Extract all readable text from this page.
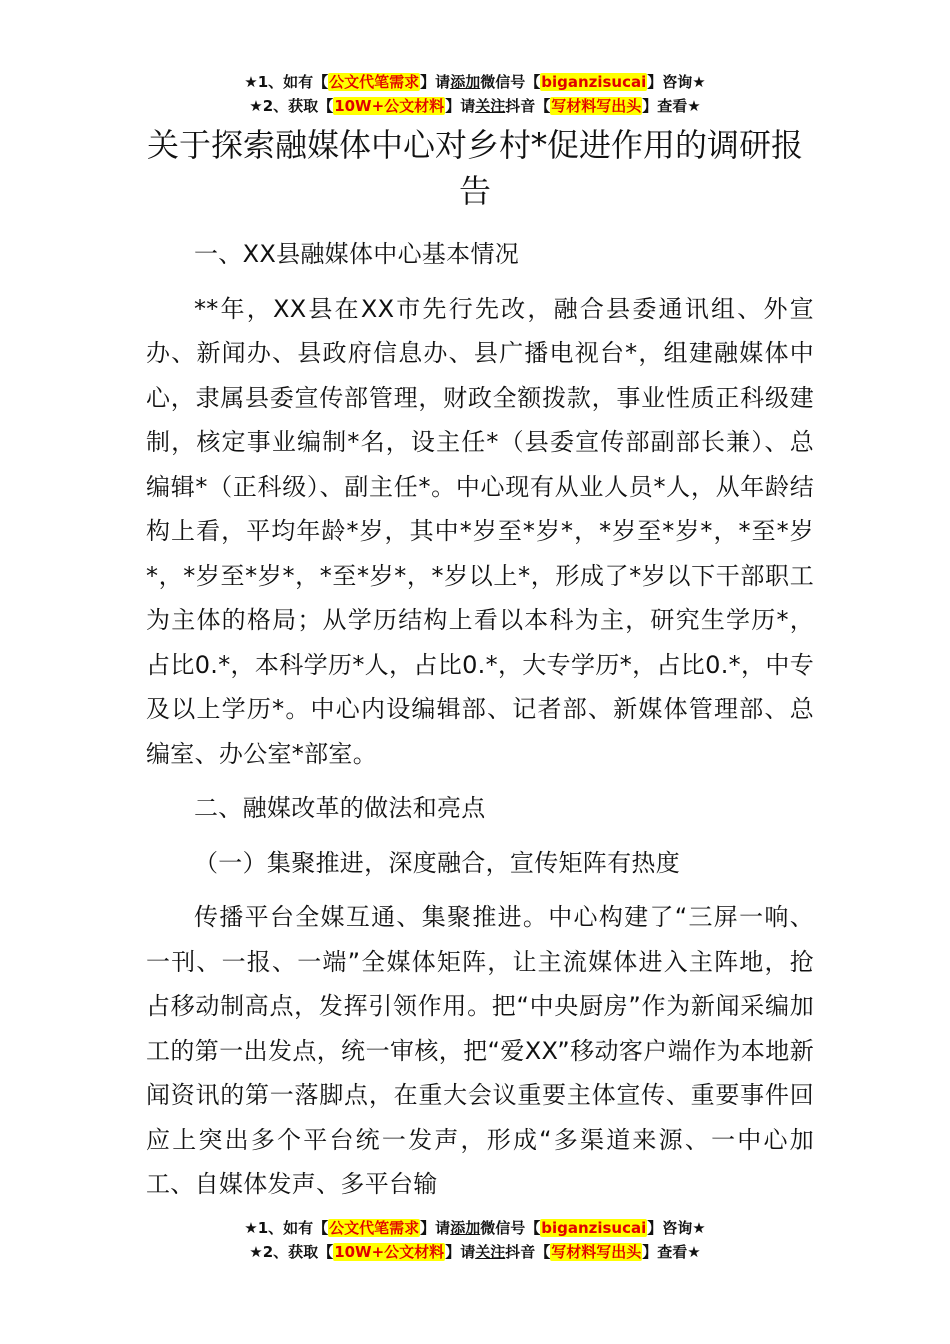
★1、如有【公文代笔需求】请添加微信号【biganzisucai】咨询★
★2、获取【10W+公文材料】请关注抖音【写材料写出头】查看★
关于探索融媒体中心对乡村*促进作用的调研报告

一、XX县融媒体中心基本情况

**年，XX县在XX市先行先改，融合县委通讯组、外宣办、新闻办、县政府信息办、县广播电视台*，组建融媒体中心，隶属县委宣传部管理，财政全额拨款，事业性质正科级建制，核定事业编制*名，设主任*（县委宣传部副部长兼）、总编辑*（正科级）、副主任*。中心现有从业人员*人，从年龄结构上看，平均年龄*岁，其中*岁至*岁*，*岁至*岁*，*至*岁*，*岁至*岁*，*至*岁*，*岁以上*，形成了*岁以下干部职工为主体的格局；从学历结构上看以本科为主，研究生学历*，占比0.*，本科学历*人，占比0.*，大专学历*，占比0.*，中专及以上学历*。中心内设编辑部、记者部、新媒体管理部、总编室、办公室*部室。

二、融媒改革的做法和亮点

（一）集聚推进，深度融合，宣传矩阵有热度

传播平台全媒互通、集聚推进。中心构建了“三屏一响、一刊、一报、一端”全媒体矩阵，让主流媒体进入主阵地，抢占移动制高点，发挥引领作用。把“中央厨房”作为新闻采编加工的第一出发点，统一审核，把“爱XX”移动客户端作为本地新闻资讯的第一落脚点，在重大会议重要主体宣传、重要事件回应上突出多个平台统一发声，形成“多渠道来源、一中心加工、自媒体发声、多平台输

★1、如有【公文代笔需求】请添加微信号【biganzisucai】咨询★
★2、获取【10W+公文材料】请关注抖音【写材料写出头】查看★
